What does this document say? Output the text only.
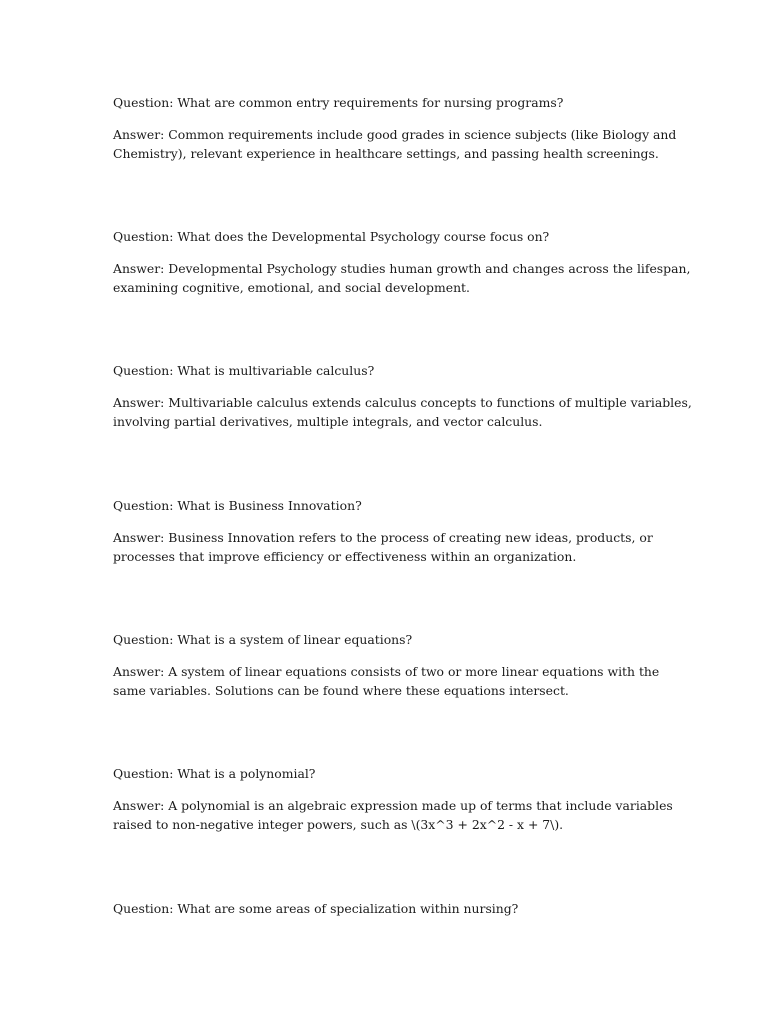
Question: What are common entry requirements for nursing programs?

Answer: Common requirements include good grades in science subjects (like Biology and
Chemistry), relevant experience in healthcare settings, and passing health screenings.

Question: What does the Developmental Psychology course focus on?

Answer: Developmental Psychology studies human growth and changes across the lifespan,
examining cognitive, emotional, and social development.

Question: What is multivariable calculus?

Answer: Multivariable calculus extends calculus concepts to functions of multiple variables,
involving partial derivatives, multiple integrals, and vector calculus.

Question: What is Business Innovation?

Answer: Business Innovation refers to the process of creating new ideas, products, or
processes that improve efficiency or effectiveness within an organization.

Question: What is a system of linear equations?

Answer: A system of linear equations consists of two or more linear equations with the
same variables. Solutions can be found where these equations intersect.

Question: What is a polynomial?

Answer: A polynomial is an algebraic expression made up of terms that include variables
raised to non-negative integer powers, such as \(3x^3 + 2x^2 - x + 7\).

Question: What are some areas of specialization within nursing?
